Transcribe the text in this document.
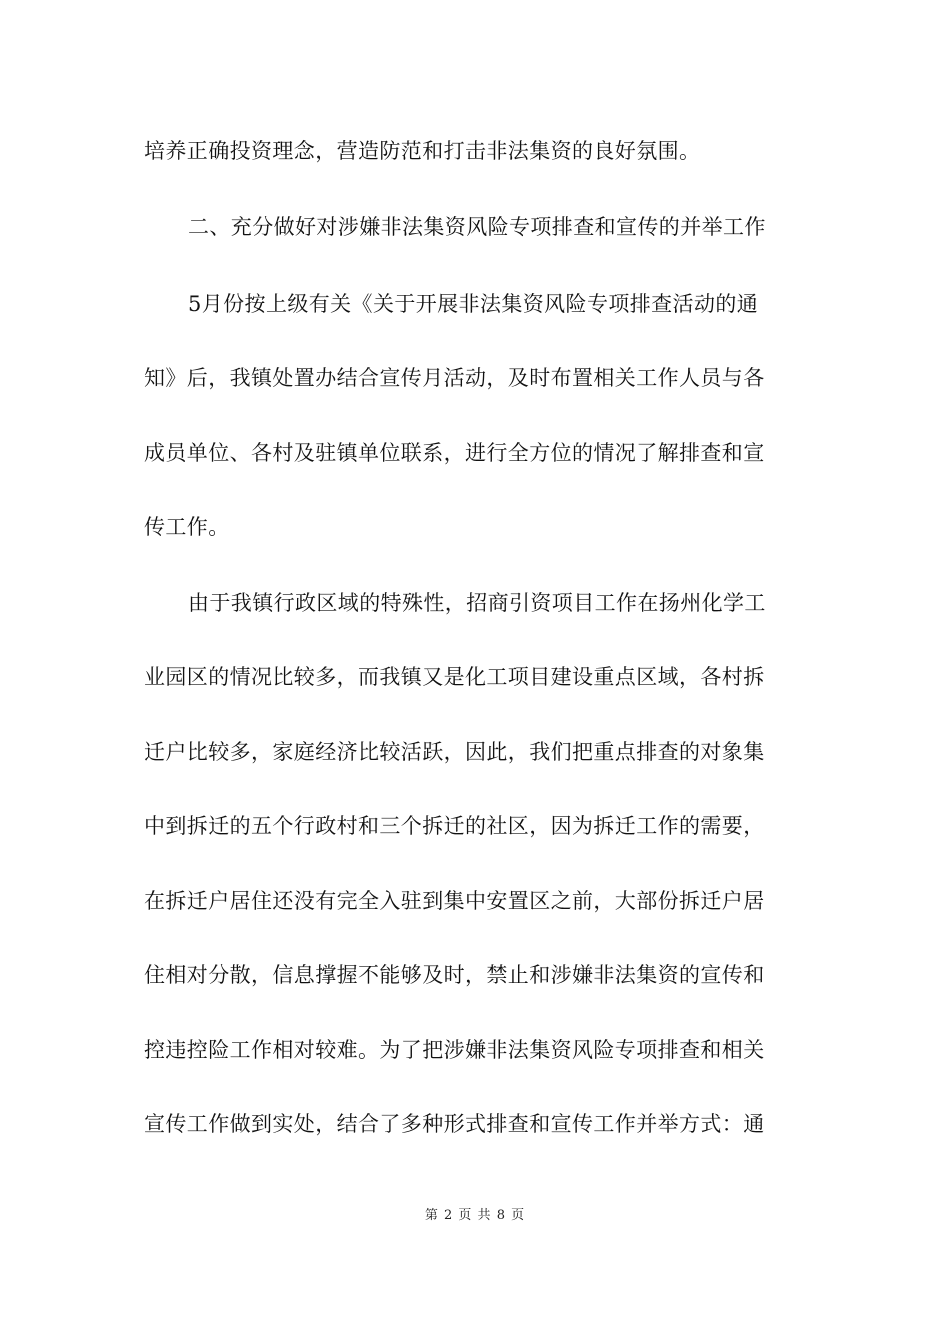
培养正确投资理念，营造防范和打击非法集资的良好氛围。
二、充分做好对涉嫌非法集资风险专项排查和宣传的并举工作
5月份按上级有关《关于开展非法集资风险专项排查活动的通
知》后，我镇处置办结合宣传月活动，及时布置相关工作人员与各
成员单位、各村及驻镇单位联系，进行全方位的情况了解排查和宣
传工作。
由于我镇行政区域的特殊性，招商引资项目工作在扬州化学工
业园区的情况比较多，而我镇又是化工项目建设重点区域，各村拆
迁户比较多，家庭经济比较活跃，因此，我们把重点排查的对象集
中到拆迁的五个行政村和三个拆迁的社区，因为拆迁工作的需要，
在拆迁户居住还没有完全入驻到集中安置区之前，大部份拆迁户居
住相对分散，信息撑握不能够及时，禁止和涉嫌非法集资的宣传和
控违控险工作相对较难。为了把涉嫌非法集资风险专项排查和相关
宣传工作做到实处，结合了多种形式排查和宣传工作并举方式：通
第 2 页 共 8 页
